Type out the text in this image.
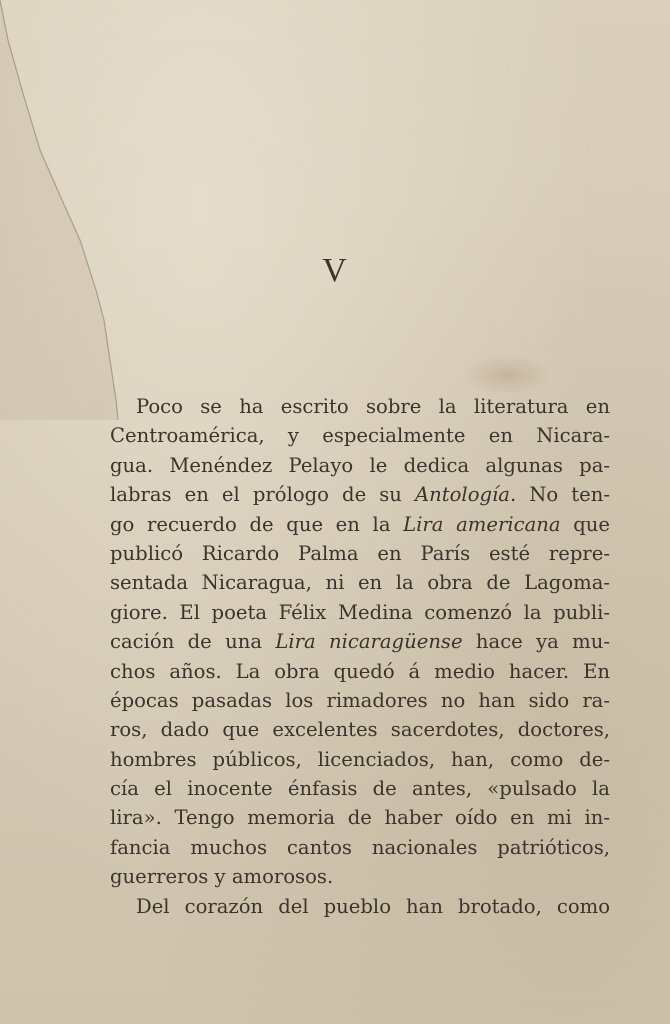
V
Poco se ha escrito sobre la literatura en
Centroamérica, y especialmente en Nicara-
gua. Menéndez Pelayo le dedica algunas pa-
labras en el prólogo de su Antología. No ten-
go recuerdo de que en la Lira americana que
publicó Ricardo Palma en París esté repre-
sentada Nicaragua, ni en la obra de Lagoma-
giore. El poeta Félix Medina comenzó la publi-
cación de una Lira nicaragüense hace ya mu-
chos años. La obra quedó á medio hacer. En
épocas pasadas los rimadores no han sido ra-
ros, dado que excelentes sacerdotes, doctores,
hombres públicos, licenciados, han, como de-
cía el inocente énfasis de antes, «pulsado la
lira». Tengo memoria de haber oído en mi in-
fancia muchos cantos nacionales patrióticos,
guerreros y amorosos.
Del corazón del pueblo han brotado, como
